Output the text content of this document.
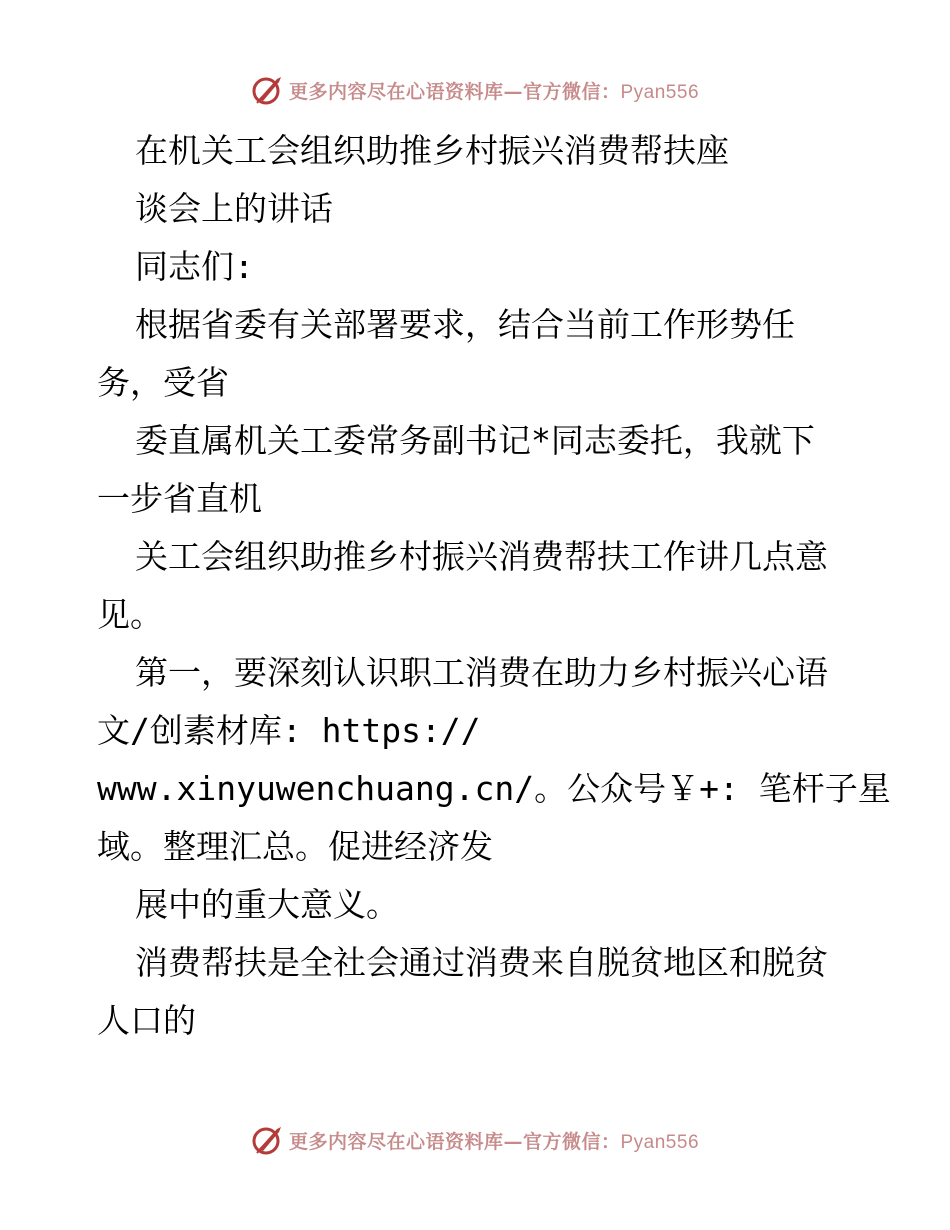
更多内容尽在心语资料库—官方微信：Pyan556
在机关工会组织助推乡村振兴消费帮扶座
谈会上的讲话
同志们:
根据省委有关部署要求，结合当前工作形势任
务，受省
委直属机关工委常务副书记*同志委托，我就下
一步省直机
关工会组织助推乡村振兴消费帮扶工作讲几点意
见。
第一，要深刻认识职工消费在助力乡村振兴心语
文/创素材库: https://
www.xinyuwenchuang.cn/。公众号￥+: 笔杆子星
域。整理汇总。促进经济发
展中的重大意义。
消费帮扶是全社会通过消费来自脱贫地区和脱贫
人口的
更多内容尽在心语资料库—官方微信：Pyan556
